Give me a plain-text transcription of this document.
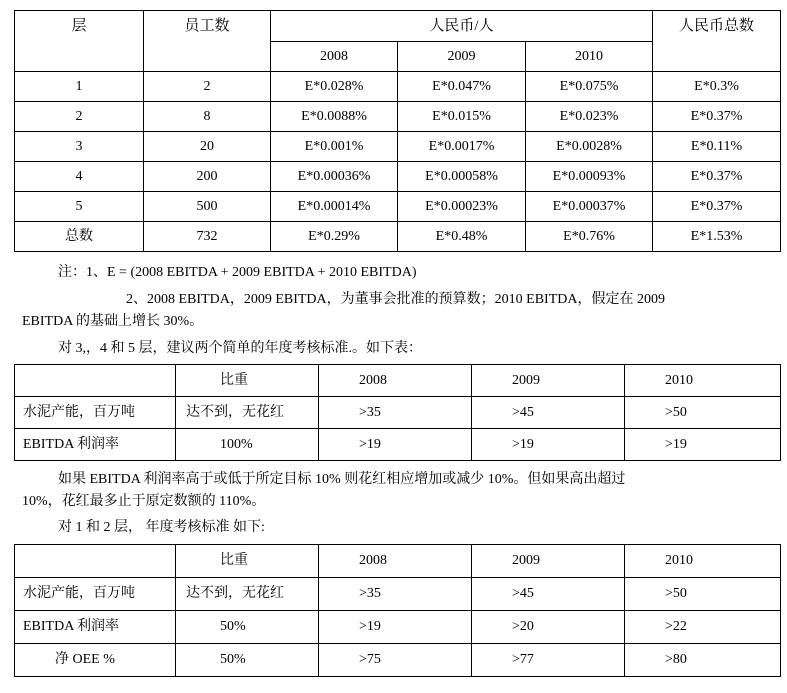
层	员工数	人民币/人			人民币总数
		2008	2009	2010	
1	2	E*0.028%	E*0.047%	E*0.075%	E*0.3%
2	8	E*0.0088%	E*0.015%	E*0.023%	E*0.37%
3	20	E*0.001%	E*0.0017%	E*0.0028%	E*0.11%
4	200	E*0.00036%	E*0.00058%	E*0.00093%	E*0.37%
5	500	E*0.00014%	E*0.00023%	E*0.00037%	E*0.37%
总数	732	E*0.29%	E*0.48%	E*0.76%	E*1.53%
注：1、E = (2008 EBITDA + 2009 EBITDA + 2010 EBITDA)
2、2008 EBITDA，2009 EBITDA，为董事会批准的预算数；2010 EBITDA，假定在 2009
EBITDA 的基础上增长 30%。
对 3,，4 和 5 层，建议两个简单的年度考核标准.。如下表：
	比重	2008	2009	2010
水泥产能，百万吨	达不到，无花红	>35	>45	>50
EBITDA 利润率	100%	>19	>19	>19
如果 EBITDA 利润率高于或低于所定目标 10% 则花红相应增加或减少 10%。但如果高出超过
10%，花红最多止于原定数额的 110%。
对 1 和 2 层， 年度考核标准 如下:
	比重	2008	2009	2010
水泥产能，百万吨	达不到，无花红	>35	>45	>50
EBITDA 利润率	50%	>19	>20	>22
净 OEE %	50%	>75	>77	>80
